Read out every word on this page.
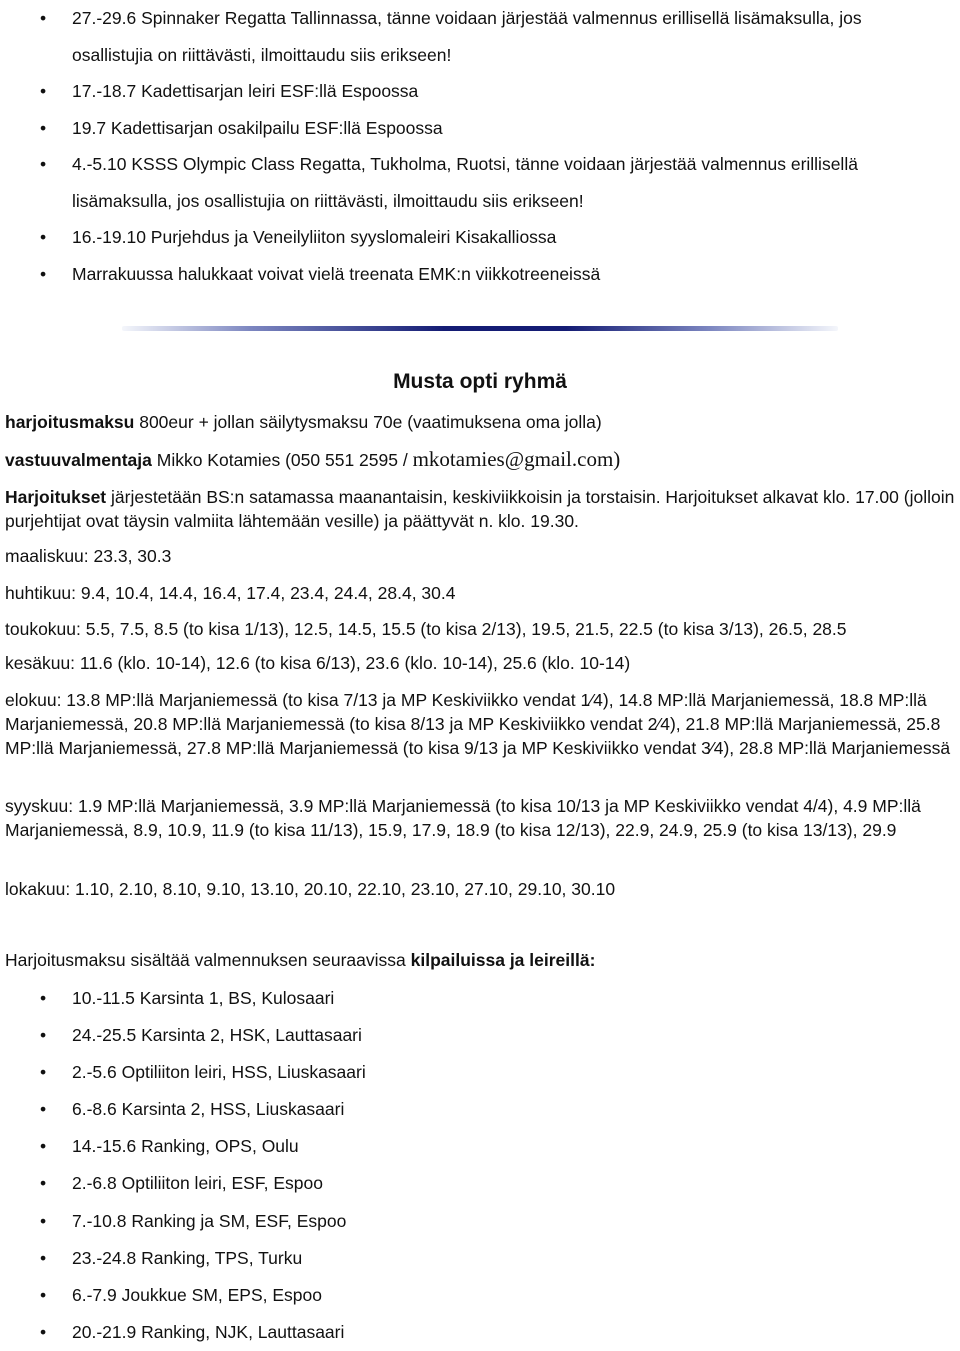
• 27.-29.6 Spinnaker Regatta Tallinnassa, tänne voidaan järjestää valmennus erillisellä lisämaksulla, jos osallistujia on riittävästi, ilmoittaudu siis erikseen!
• 17.-18.7 Kadettisarjan leiri ESF:llä Espoossa
• 19.7 Kadettisarjan osakilpailu ESF:llä Espoossa
• 4.-5.10 KSSS Olympic Class Regatta, Tukholma, Ruotsi, tänne voidaan järjestää valmennus erillisellä lisämaksulla, jos osallistujia on riittävästi, ilmoittaudu siis erikseen!
• 16.-19.10 Purjehdus ja Veneilyliiton syyslomaleiri Kisakalliossa
• Marrakuussa halukkaat voivat vielä treenata EMK:n viikkotreeneissä
Musta opti ryhmä

harjoitusmaksu 800eur + jollan säilytysmaksu 70e (vaatimuksena oma jolla)

vastuuvalmentaja Mikko Kotamies (050 551 2595 / mkotamies@gmail.com)

Harjoitukset järjestetään BS:n satamassa maanantaisin, keskiviikkoisin ja torstaisin. Harjoitukset alkavat klo. 17.00 (jolloin purjehtijat ovat täysin valmiita lähtemään vesille) ja päättyvät n. klo. 19.30.

maaliskuu: 23.3, 30.3

huhtikuu: 9.4, 10.4, 14.4, 16.4, 17.4, 23.4, 24.4, 28.4, 30.4

toukokuu: 5.5, 7.5, 8.5 (to kisa 1/13), 12.5, 14.5, 15.5 (to kisa 2/13), 19.5, 21.5, 22.5 (to kisa 3/13), 26.5, 28.5

kesäkuu: 11.6 (klo. 10-14), 12.6 (to kisa 6/13), 23.6 (klo. 10-14), 25.6 (klo. 10-14)

elokuu: 13.8 MP:llä Marjaniemessä (to kisa 7/13 ja MP Keskiviikko vendat 1⁄4), 14.8 MP:llä Marjaniemessä, 18.8 MP:llä Marjaniemessä, 20.8 MP:llä Marjaniemessä (to kisa 8/13 ja MP Keskiviikko vendat 2⁄4), 21.8 MP:llä Marjaniemessä, 25.8 MP:llä Marjaniemessä, 27.8 MP:llä Marjaniemessä (to kisa 9/13 ja MP Keskiviikko vendat 3⁄4), 28.8 MP:llä Marjaniemessä

syyskuu: 1.9 MP:llä Marjaniemessä, 3.9 MP:llä Marjaniemessä (to kisa 10/13 ja MP Keskiviikko vendat 4/4), 4.9 MP:llä Marjaniemessä, 8.9, 10.9, 11.9 (to kisa 11/13), 15.9, 17.9, 18.9 (to kisa 12/13), 22.9, 24.9, 25.9 (to kisa 13/13), 29.9

lokakuu: 1.10, 2.10, 8.10, 9.10, 13.10, 20.10, 22.10, 23.10, 27.10, 29.10, 30.10

Harjoitusmaksu sisältää valmennuksen seuraavissa kilpailuissa ja leireillä:

• 10.-11.5 Karsinta 1, BS, Kulosaari
• 24.-25.5 Karsinta 2, HSK, Lauttasaari
• 2.-5.6 Optiliiton leiri, HSS, Liuskasaari
• 6.-8.6 Karsinta 2, HSS, Liuskasaari
• 14.-15.6 Ranking, OPS, Oulu
• 2.-6.8 Optiliiton leiri, ESF, Espoo
• 7.-10.8 Ranking ja SM, ESF, Espoo
• 23.-24.8 Ranking, TPS, Turku
• 6.-7.9 Joukkue SM, EPS, Espoo
• 20.-21.9 Ranking, NJK, Lauttasaari
